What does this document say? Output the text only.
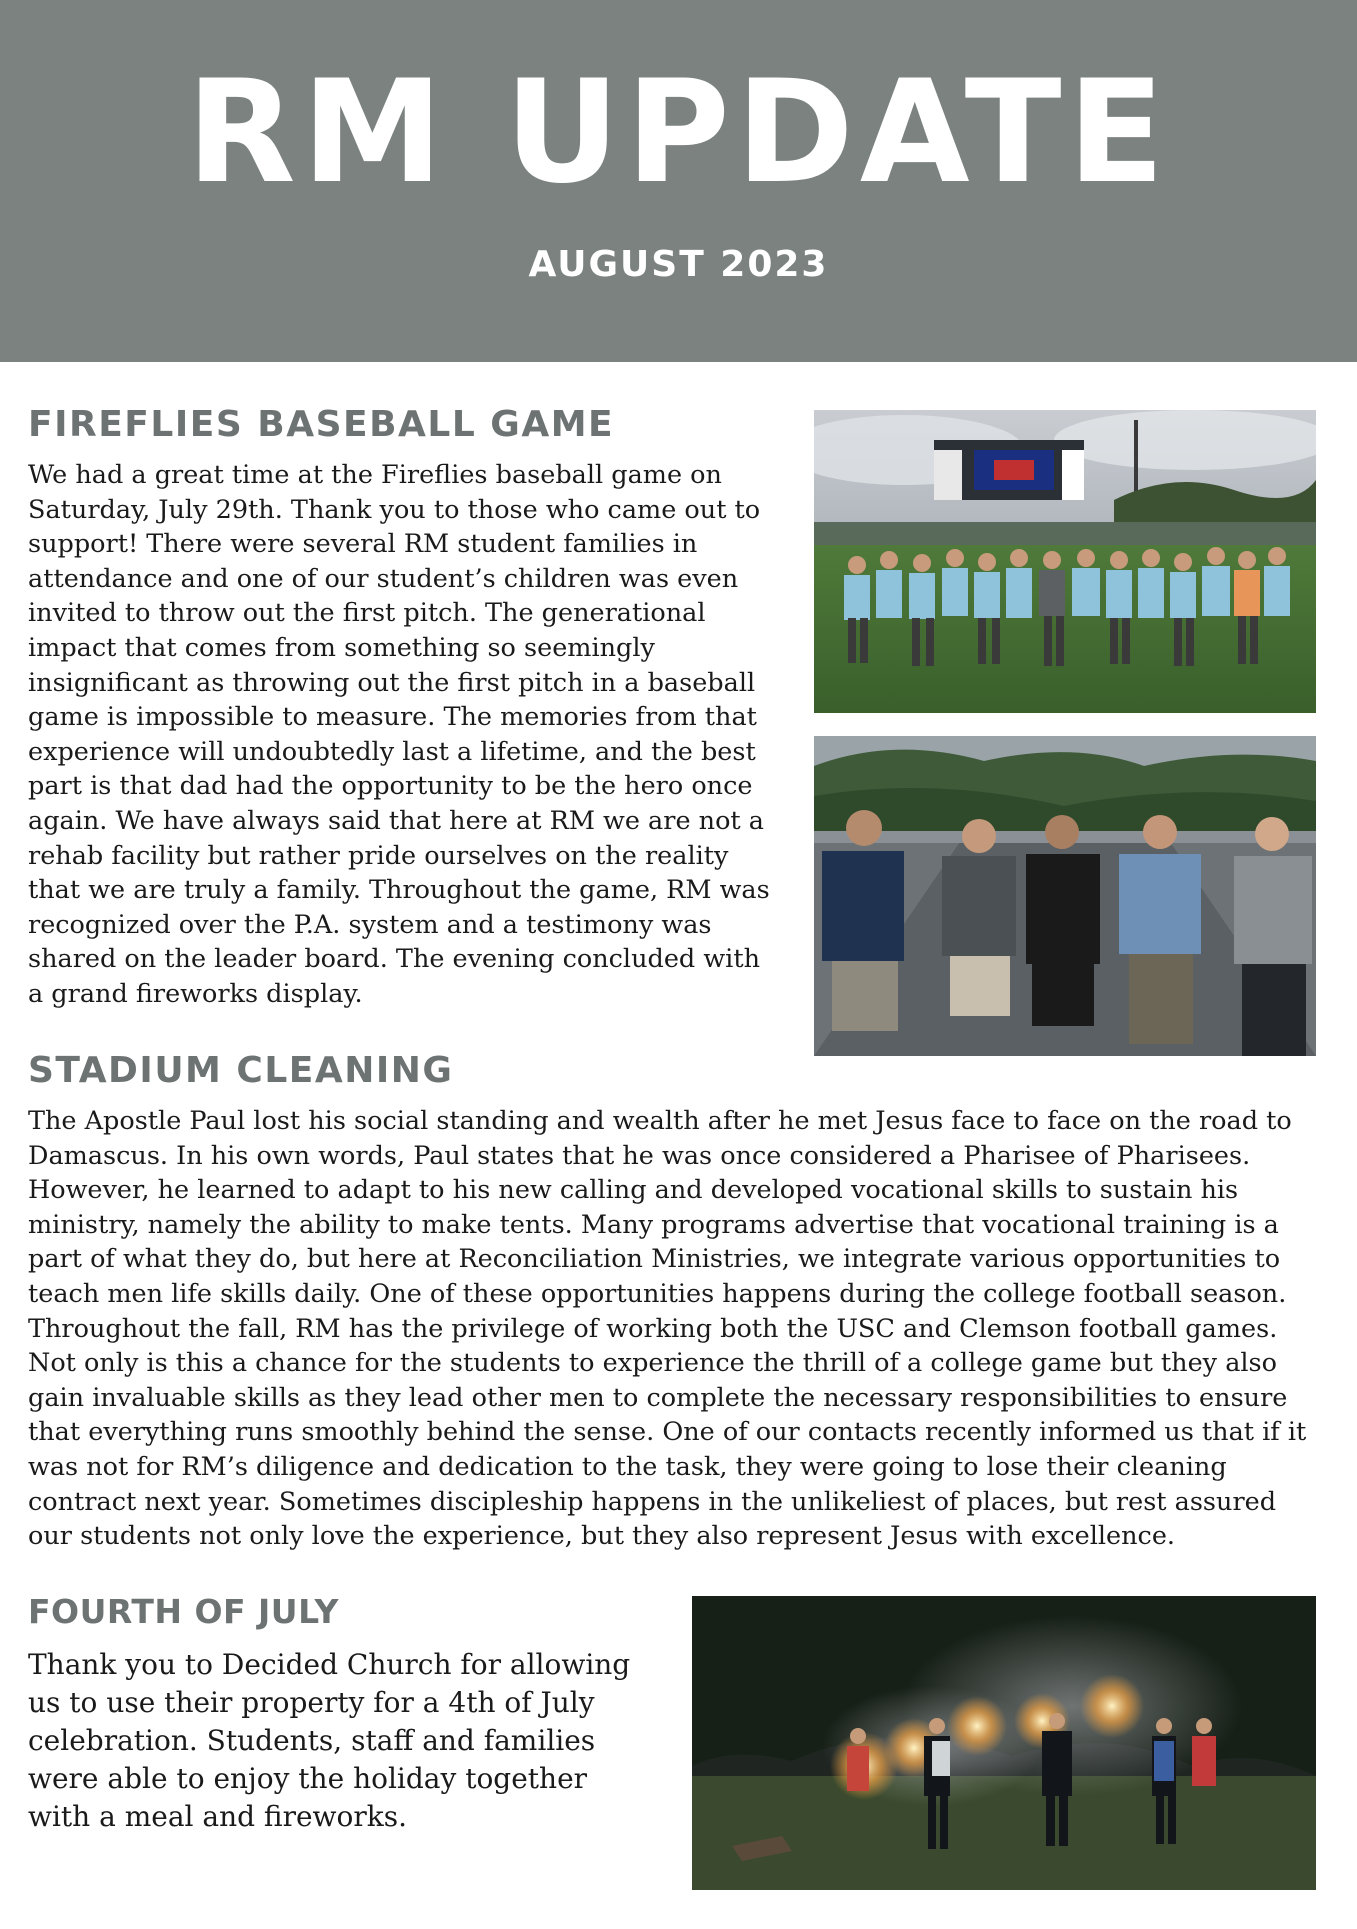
RM UPDATE
AUGUST 2023
FIREFLIES BASEBALL GAME

We had a great time at the Fireflies baseball game on Saturday, July 29th. Thank you to those who came out to support! There were several RM student families in attendance and one of our student’s children was even invited to throw out the first pitch. The generational impact that comes from something so seemingly insignificant as throwing out the first pitch in a baseball game is impossible to measure. The memories from that experience will undoubtedly last a lifetime, and the best part is that dad had the opportunity to be the hero once again. We have always said that here at RM we are not a rehab facility but rather pride ourselves on the reality that we are truly a family. Throughout the game, RM was recognized over the P.A. system and a testimony was shared on the leader board. The evening concluded with a grand fireworks display.

STADIUM CLEANING

The Apostle Paul lost his social standing and wealth after he met Jesus face to face on the road to Damascus. In his own words, Paul states that he was once considered a Pharisee of Pharisees. However, he learned to adapt to his new calling and developed vocational skills to sustain his ministry, namely the ability to make tents. Many programs advertise that vocational training is a part of what they do, but here at Reconciliation Ministries, we integrate various opportunities to teach men life skills daily. One of these opportunities happens during the college football season. Throughout the fall, RM has the privilege of working both the USC and Clemson football games. Not only is this a chance for the students to experience the thrill of a college game but they also gain invaluable skills as they lead other men to complete the necessary responsibilities to ensure that everything runs smoothly behind the sense. One of our contacts recently informed us that if it was not for RM’s diligence and dedication to the task, they were going to lose their cleaning contract next year. Sometimes discipleship happens in the unlikeliest of places, but rest assured our students not only love the experience, but they also represent Jesus with excellence.

FOURTH OF JULY

Thank you to Decided Church for allowing us to use their property for a 4th of July celebration. Students, staff and families were able to enjoy the holiday together with a meal and fireworks.
